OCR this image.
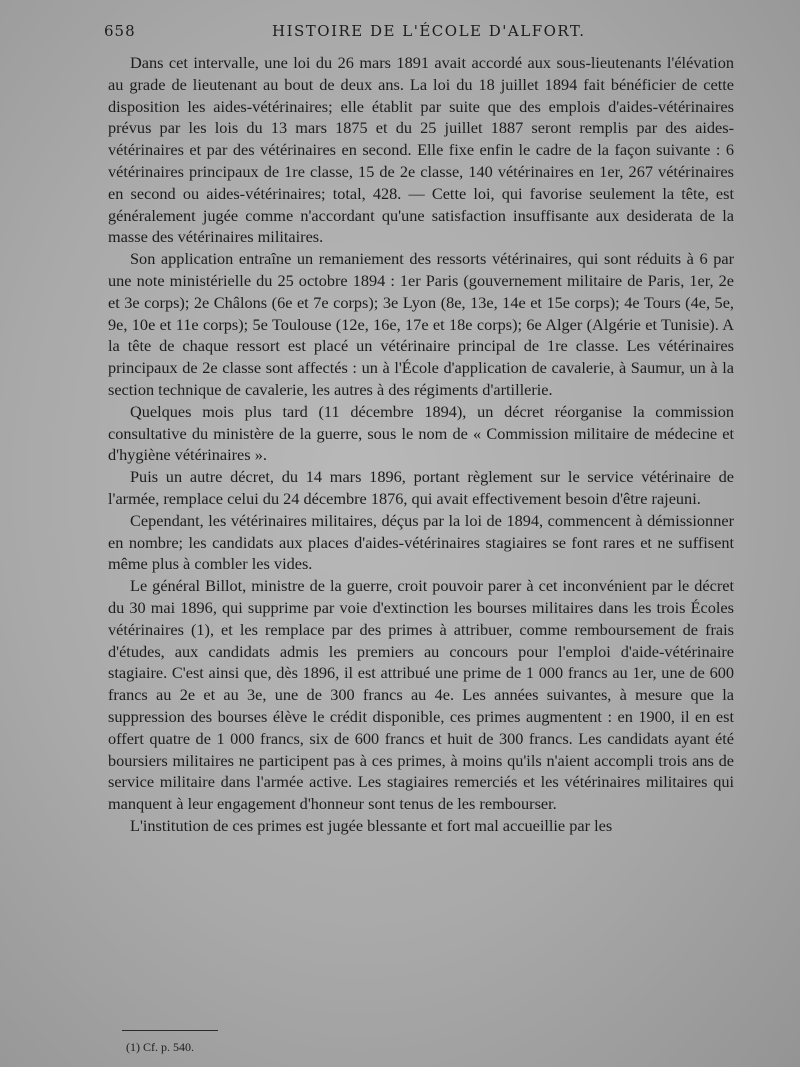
658	HISTOIRE DE L'ÉCOLE D'ALFORT.

Dans cet intervalle, une loi du 26 mars 1891 avait accordé aux sous-lieutenants l'élévation au grade de lieutenant au bout de deux ans. La loi du 18 juillet 1894 fait bénéficier de cette disposition les aides-vétérinaires; elle établit par suite que des emplois d'aides-vétérinaires prévus par les lois du 13 mars 1875 et du 25 juillet 1887 seront remplis par des aides-vétérinaires et par des vétérinaires en second. Elle fixe enfin le cadre de la façon suivante : 6 vétérinaires principaux de 1re classe, 15 de 2e classe, 140 vétérinaires en 1er, 267 vétérinaires en second ou aides-vétérinaires; total, 428. — Cette loi, qui favorise seulement la tête, est généralement jugée comme n'accordant qu'une satisfaction insuffisante aux desiderata de la masse des vétérinaires militaires.

Son application entraîne un remaniement des ressorts vétérinaires, qui sont réduits à 6 par une note ministérielle du 25 octobre 1894 : 1er Paris (gouvernement militaire de Paris, 1er, 2e et 3e corps); 2e Châlons (6e et 7e corps); 3e Lyon (8e, 13e, 14e et 15e corps); 4e Tours (4e, 5e, 9e, 10e et 11e corps); 5e Toulouse (12e, 16e, 17e et 18e corps); 6e Alger (Algérie et Tunisie). A la tête de chaque ressort est placé un vétérinaire principal de 1re classe. Les vétérinaires principaux de 2e classe sont affectés : un à l'École d'application de cavalerie, à Saumur, un à la section technique de cavalerie, les autres à des régiments d'artillerie.

Quelques mois plus tard (11 décembre 1894), un décret réorganise la commission consultative du ministère de la guerre, sous le nom de « Commission militaire de médecine et d'hygiène vétérinaires ».

Puis un autre décret, du 14 mars 1896, portant règlement sur le service vétérinaire de l'armée, remplace celui du 24 décembre 1876, qui avait effectivement besoin d'être rajeuni.

Cependant, les vétérinaires militaires, déçus par la loi de 1894, commencent à démissionner en nombre; les candidats aux places d'aides-vétérinaires stagiaires se font rares et ne suffisent même plus à combler les vides.

Le général Billot, ministre de la guerre, croit pouvoir parer à cet inconvénient par le décret du 30 mai 1896, qui supprime par voie d'extinction les bourses militaires dans les trois Écoles vétérinaires (1), et les remplace par des primes à attribuer, comme remboursement de frais d'études, aux candidats admis les premiers au concours pour l'emploi d'aide-vétérinaire stagiaire. C'est ainsi que, dès 1896, il est attribué une prime de 1 000 francs au 1er, une de 600 francs au 2e et au 3e, une de 300 francs au 4e. Les années suivantes, à mesure que la suppression des bourses élève le crédit disponible, ces primes augmentent : en 1900, il en est offert quatre de 1 000 francs, six de 600 francs et huit de 300 francs. Les candidats ayant été boursiers militaires ne participent pas à ces primes, à moins qu'ils n'aient accompli trois ans de service militaire dans l'armée active. Les stagiaires remerciés et les vétérinaires militaires qui manquent à leur engagement d'honneur sont tenus de les rembourser.

L'institution de ces primes est jugée blessante et fort mal accueillie par les

(1) Cf. p. 540.
